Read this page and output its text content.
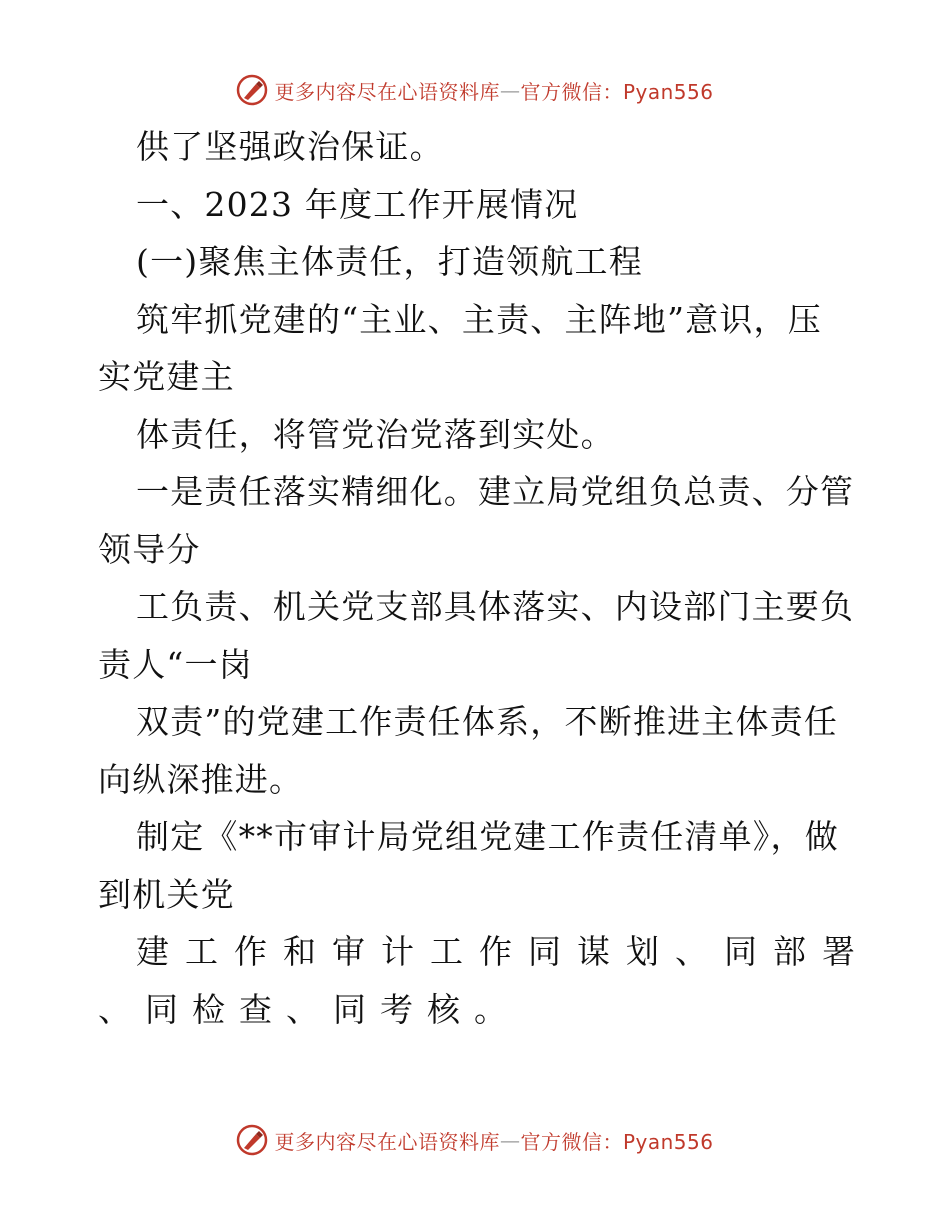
更多内容尽在心语资料库 — 官方微信：Pyan556
供了坚强政治保证。
一、2023 年度工作开展情况
(一)聚焦主体责任，打造领航工程
筑牢抓党建的“主业、主责、主阵地”意识，压
实党建主
体责任，将管党治党落到实处。
一是责任落实精细化。建立局党组负总责、分管
领导分
工负责、机关党支部具体落实、内设部门主要负
责人“一岗
双责”的党建工作责任体系，不断推进主体责任
向纵深推进。
制定《**市审计局党组党建工作责任清单》，做
到机关党
建工作和审计工作同谋划、同部署
、同检查、同考核。
更多内容尽在心语资料库 — 官方微信：Pyan556
